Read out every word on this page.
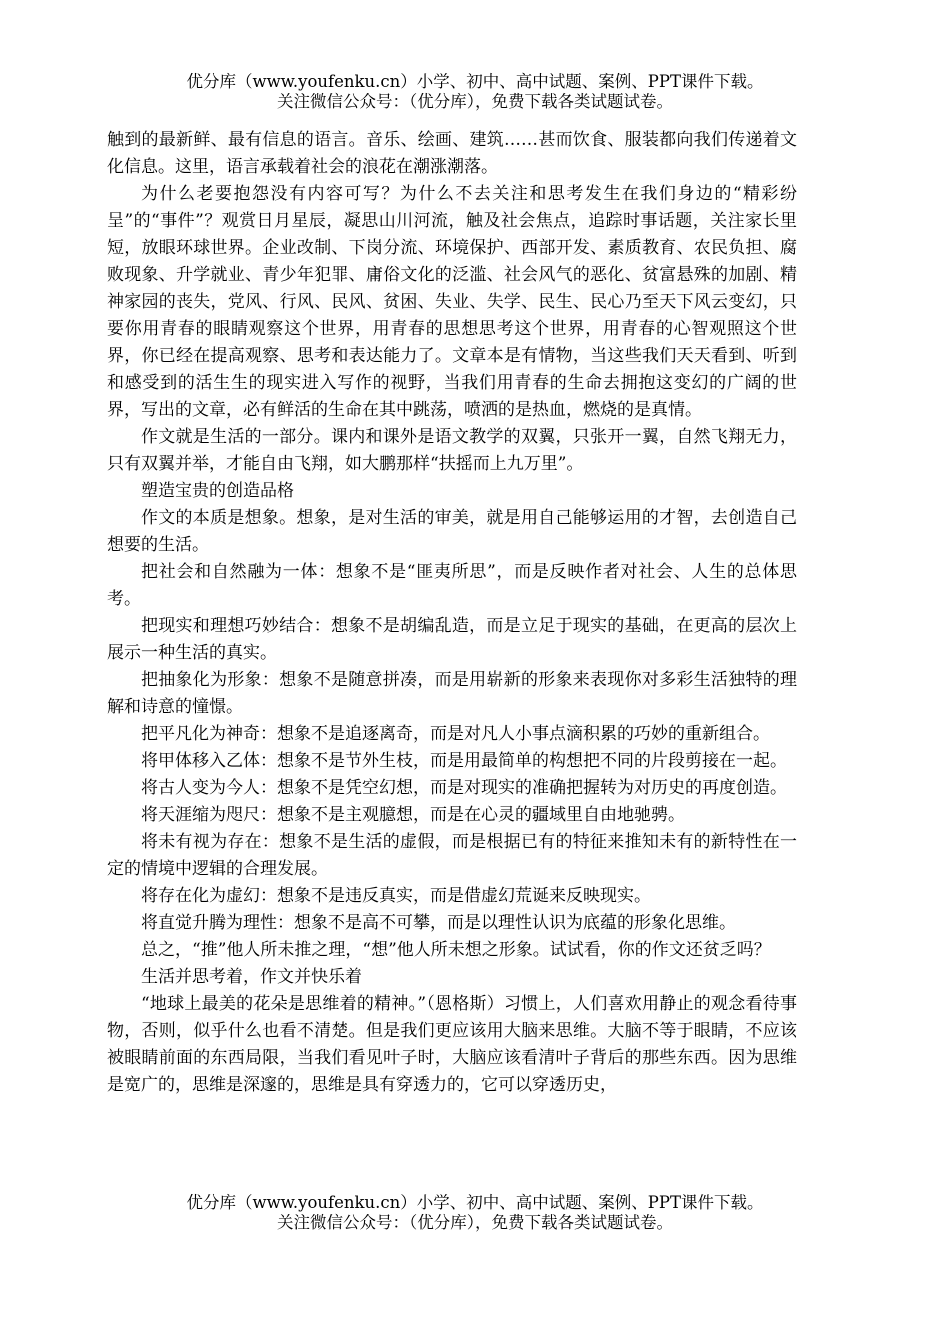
优分库（www.youfenku.cn）小学、初中、高中试题、案例、PPT课件下载。
关注微信公众号：（优分库），免费下载各类试题试卷。

触到的最新鲜、最有信息的语言。音乐、绘画、建筑……甚而饮食、服装都向我们传递着文化信息。这里，语言承载着社会的浪花在潮涨潮落。

为什么老要抱怨没有内容可写？为什么不去关注和思考发生在我们身边的“精彩纷呈”的“事件”？观赏日月星辰，凝思山川河流，触及社会焦点，追踪时事话题，关注家长里短，放眼环球世界。企业改制、下岗分流、环境保护、西部开发、素质教育、农民负担、腐败现象、升学就业、青少年犯罪、庸俗文化的泛滥、社会风气的恶化、贫富悬殊的加剧、精神家园的丧失，党风、行风、民风、贫困、失业、失学、民生、民心乃至天下风云变幻，只要你用青春的眼睛观察这个世界，用青春的思想思考这个世界，用青春的心智观照这个世界，你已经在提高观察、思考和表达能力了。文章本是有情物，当这些我们天天看到、听到和感受到的活生生的现实进入写作的视野，当我们用青春的生命去拥抱这变幻的广阔的世界，写出的文章，必有鲜活的生命在其中跳荡，喷洒的是热血，燃烧的是真情。

作文就是生活的一部分。课内和课外是语文教学的双翼，只张开一翼，自然飞翔无力，只有双翼并举，才能自由飞翔，如大鹏那样“扶摇而上九万里”。

塑造宝贵的创造品格

作文的本质是想象。想象，是对生活的审美，就是用自己能够运用的才智，去创造自己想要的生活。

把社会和自然融为一体：想象不是“匪夷所思”，而是反映作者对社会、人生的总体思考。

把现实和理想巧妙结合：想象不是胡编乱造，而是立足于现实的基础，在更高的层次上展示一种生活的真实。

把抽象化为形象：想象不是随意拼凑，而是用崭新的形象来表现你对多彩生活独特的理解和诗意的憧憬。

把平凡化为神奇：想象不是追逐离奇，而是对凡人小事点滴积累的巧妙的重新组合。

将甲体移入乙体：想象不是节外生枝，而是用最简单的构想把不同的片段剪接在一起。

将古人变为今人：想象不是凭空幻想，而是对现实的准确把握转为对历史的再度创造。

将天涯缩为咫尺：想象不是主观臆想，而是在心灵的疆域里自由地驰骋。

将未有视为存在：想象不是生活的虚假，而是根据已有的特征来推知未有的新特性在一定的情境中逻辑的合理发展。

将存在化为虚幻：想象不是违反真实，而是借虚幻荒诞来反映现实。

将直觉升腾为理性：想象不是高不可攀，而是以理性认识为底蕴的形象化思维。

总之，“推”他人所未推之理，“想”他人所未想之形象。试试看，你的作文还贫乏吗？

生活并思考着，作文并快乐着

“地球上最美的花朵是思维着的精神。”（恩格斯）习惯上，人们喜欢用静止的观念看待事物，否则，似乎什么也看不清楚。但是我们更应该用大脑来思维。大脑不等于眼睛，不应该被眼睛前面的东西局限，当我们看见叶子时，大脑应该看清叶子背后的那些东西。因为思维是宽广的，思维是深邃的，思维是具有穿透力的，它可以穿透历史，

优分库（www.youfenku.cn）小学、初中、高中试题、案例、PPT课件下载。
关注微信公众号：（优分库），免费下载各类试题试卷。
